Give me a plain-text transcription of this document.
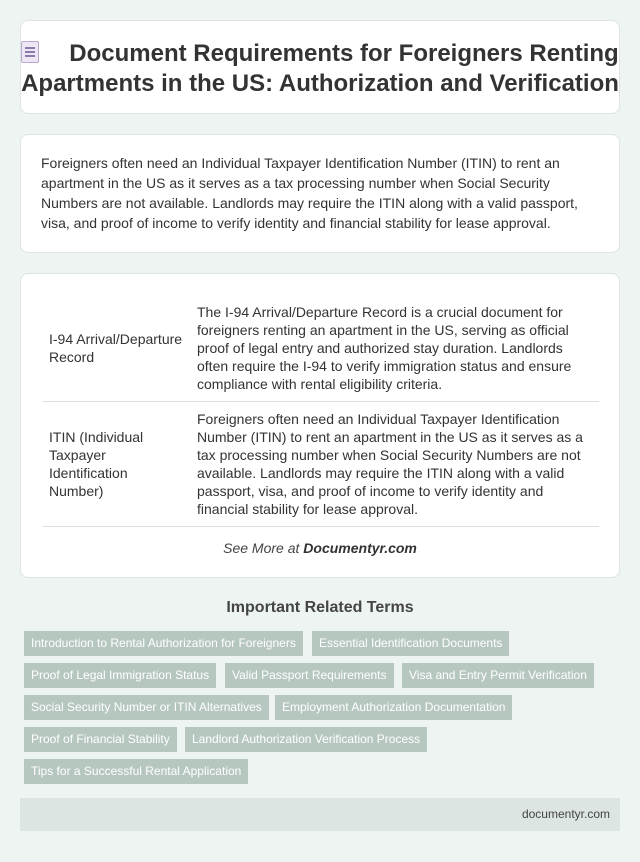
Document Requirements for Foreigners Renting Apartments in the US: Authorization and Verification

Foreigners often need an Individual Taxpayer Identification Number (ITIN) to rent an apartment in the US as it serves as a tax processing number when Social Security Numbers are not available. Landlords may require the ITIN along with a valid passport, visa, and proof of income to verify identity and financial stability for lease approval.

I-94 Arrival/Departure Record	The I-94 Arrival/Departure Record is a crucial document for foreigners renting an apartment in the US, serving as official proof of legal entry and authorized stay duration. Landlords often require the I-94 to verify immigration status and ensure compliance with rental eligibility criteria.
ITIN (Individual Taxpayer Identification Number)	Foreigners often need an Individual Taxpayer Identification Number (ITIN) to rent an apartment in the US as it serves as a tax processing number when Social Security Numbers are not available. Landlords may require the ITIN along with a valid passport, visa, and proof of income to verify identity and financial stability for lease approval.
See More at Documentyr.com
Important Related Terms
Introduction to Rental Authorization for Foreigners	Essential Identification Documents
Proof of Legal Immigration Status	Valid Passport Requirements	Visa and Entry Permit Verification
Social Security Number or ITIN Alternatives	Employment Authorization Documentation
Proof of Financial Stability	Landlord Authorization Verification Process
Tips for a Successful Rental Application
documentyr.com
